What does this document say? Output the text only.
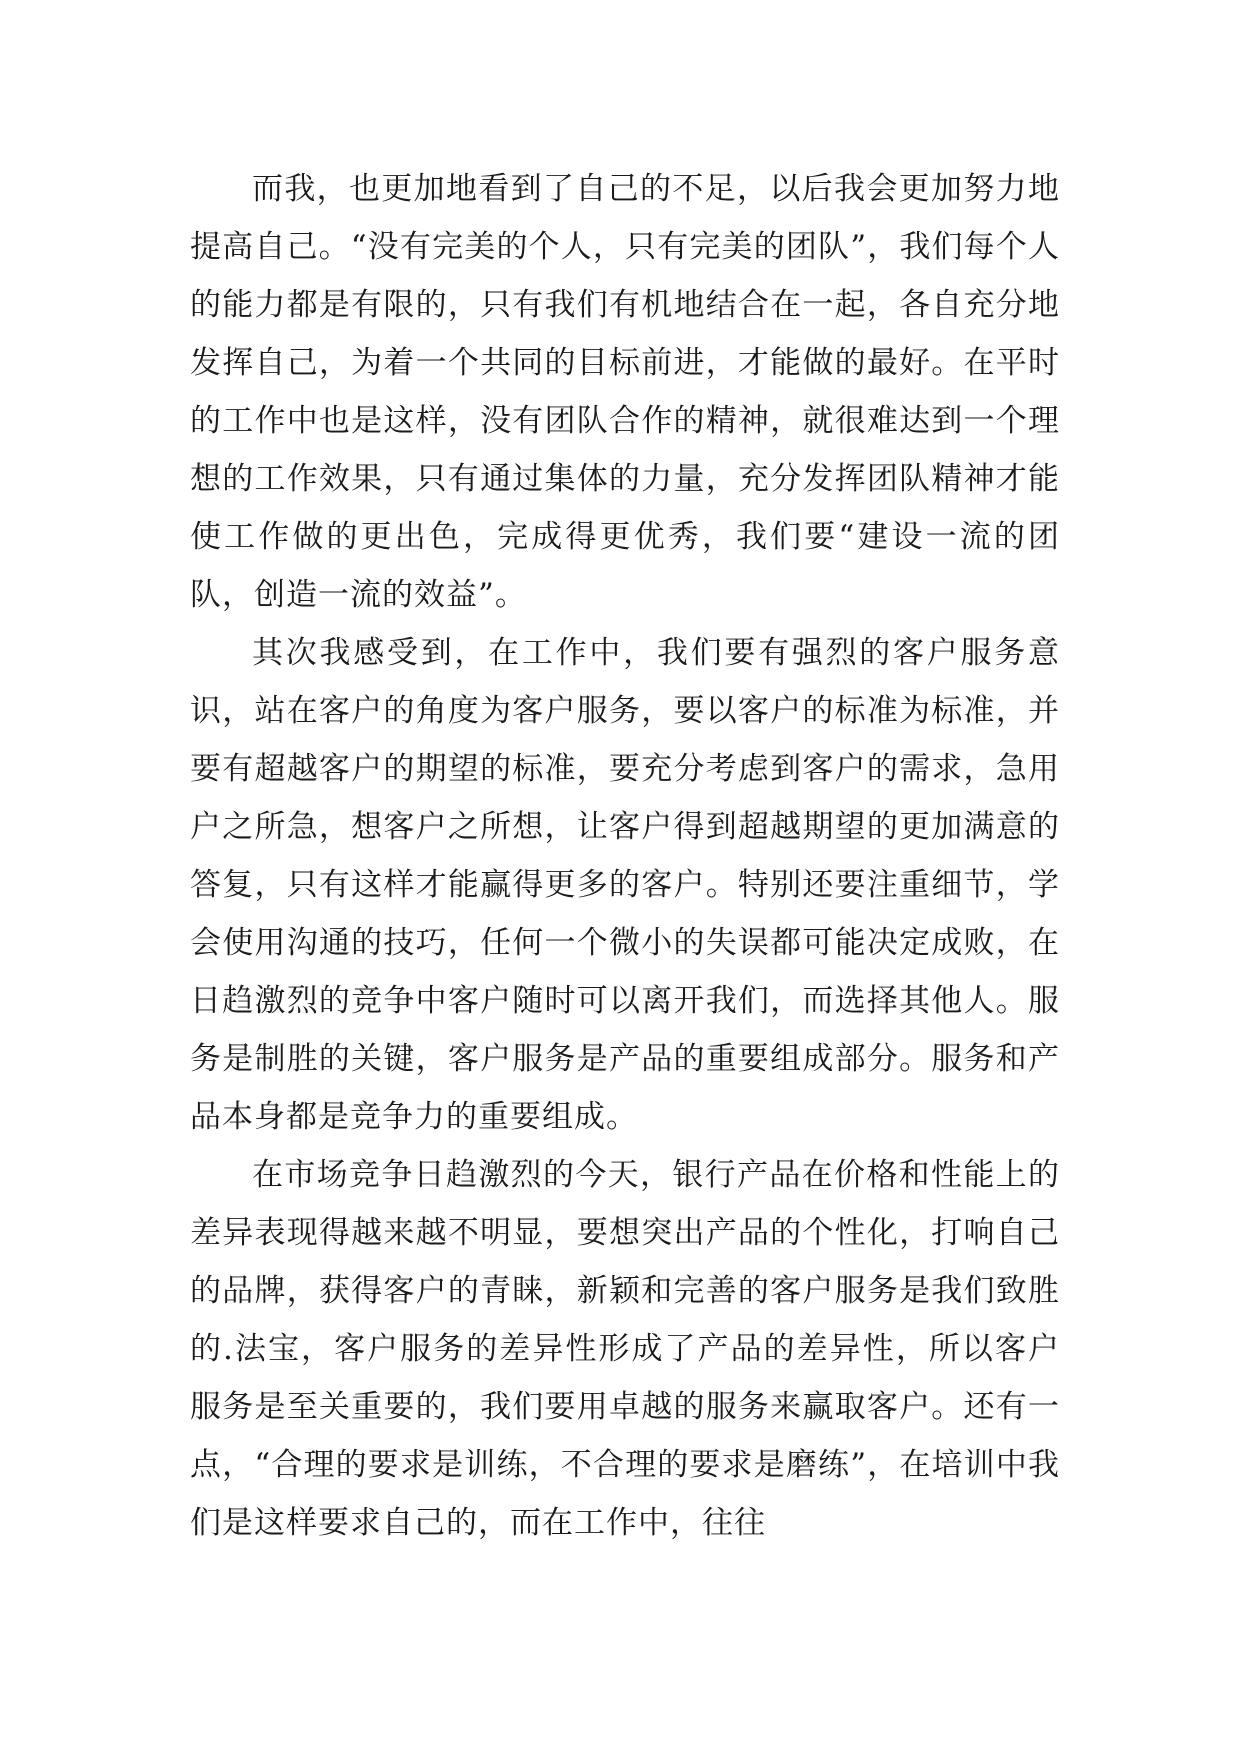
而我，也更加地看到了自己的不足，以后我会更加努力地提高自己。“没有完美的个人，只有完美的团队”，我们每个人的能力都是有限的，只有我们有机地结合在一起，各自充分地发挥自己，为着一个共同的目标前进，才能做的最好。在平时的工作中也是这样，没有团队合作的精神，就很难达到一个理想的工作效果，只有通过集体的力量，充分发挥团队精神才能使工作做的更出色，完成得更优秀，我们要“建设一流的团队，创造一流的效益”。

其次我感受到，在工作中，我们要有强烈的客户服务意识，站在客户的角度为客户服务，要以客户的标准为标准，并要有超越客户的期望的标准，要充分考虑到客户的需求，急用户之所急，想客户之所想，让客户得到超越期望的更加满意的答复，只有这样才能赢得更多的客户。特别还要注重细节，学会使用沟通的技巧，任何一个微小的失误都可能决定成败，在日趋激烈的竞争中客户随时可以离开我们，而选择其他人。服务是制胜的关键，客户服务是产品的重要组成部分。服务和产品本身都是竞争力的重要组成。

在市场竞争日趋激烈的今天，银行产品在价格和性能上的差异表现得越来越不明显，要想突出产品的个性化，打响自己的品牌，获得客户的青睐，新颖和完善的客户服务是我们致胜的.法宝，客户服务的差异性形成了产品的差异性，所以客户服务是至关重要的，我们要用卓越的服务来赢取客户。还有一点，“合理的要求是训练，不合理的要求是磨练”，在培训中我们是这样要求自己的，而在工作中，往往
